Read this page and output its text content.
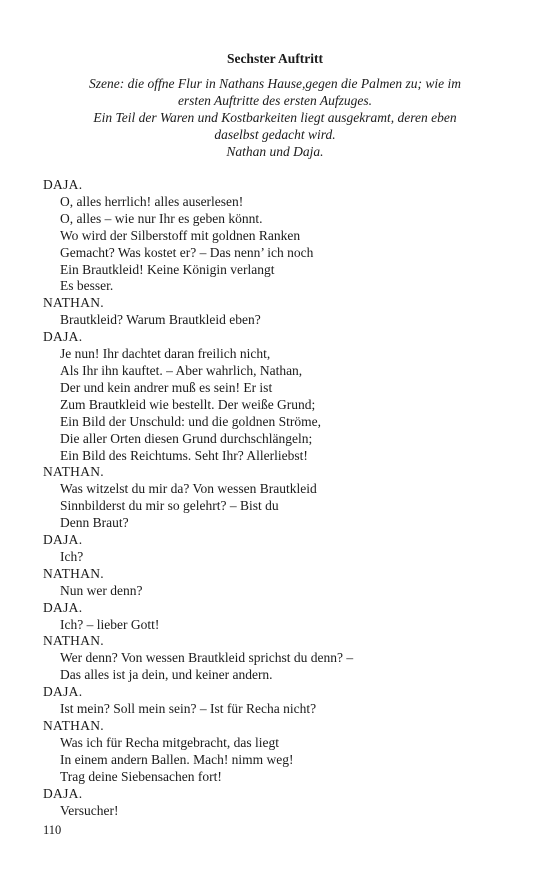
Sechster Auftritt
Szene: die offne Flur in Nathans Hause,gegen die Palmen zu; wie im
ersten Auftritte des ersten Aufzuges.
Ein Teil der Waren und Kostbarkeiten liegt ausgekramt, deren eben
daselbst gedacht wird.
Nathan und Daja.
DAJA.
O, alles herrlich! alles auserlesen!
O, alles – wie nur Ihr es geben könnt.
Wo wird der Silberstoff mit goldnen Ranken
Gemacht? Was kostet er? – Das nenn’ ich noch
Ein Brautkleid! Keine Königin verlangt
Es besser.
NATHAN.
Brautkleid? Warum Brautkleid eben?
DAJA.
Je nun! Ihr dachtet daran freilich nicht,
Als Ihr ihn kauftet. – Aber wahrlich, Nathan,
Der und kein andrer muß es sein! Er ist
Zum Brautkleid wie bestellt. Der weiße Grund;
Ein Bild der Unschuld: und die goldnen Ströme,
Die aller Orten diesen Grund durchschlängeln;
Ein Bild des Reichtums. Seht Ihr? Allerliebst!
NATHAN.
Was witzelst du mir da? Von wessen Brautkleid
Sinnbilderst du mir so gelehrt? – Bist du
Denn Braut?
DAJA.
Ich?
NATHAN.
Nun wer denn?
DAJA.
Ich? – lieber Gott!
NATHAN.
Wer denn? Von wessen Brautkleid sprichst du denn? –
Das alles ist ja dein, und keiner andern.
DAJA.
Ist mein? Soll mein sein? – Ist für Recha nicht?
NATHAN.
Was ich für Recha mitgebracht, das liegt
In einem andern Ballen. Mach! nimm weg!
Trag deine Siebensachen fort!
DAJA.
Versucher!
110
